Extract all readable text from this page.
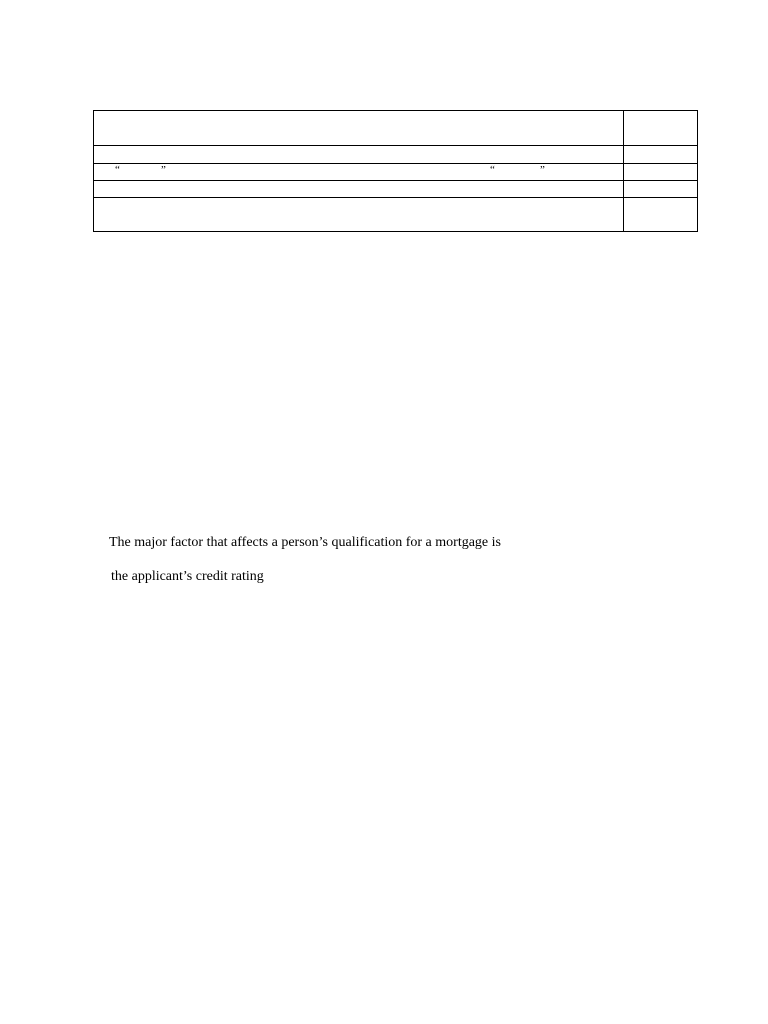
“ ” “ ”	

The major factor that affects a person’s qualification for a mortgage is
the applicant’s credit rating
